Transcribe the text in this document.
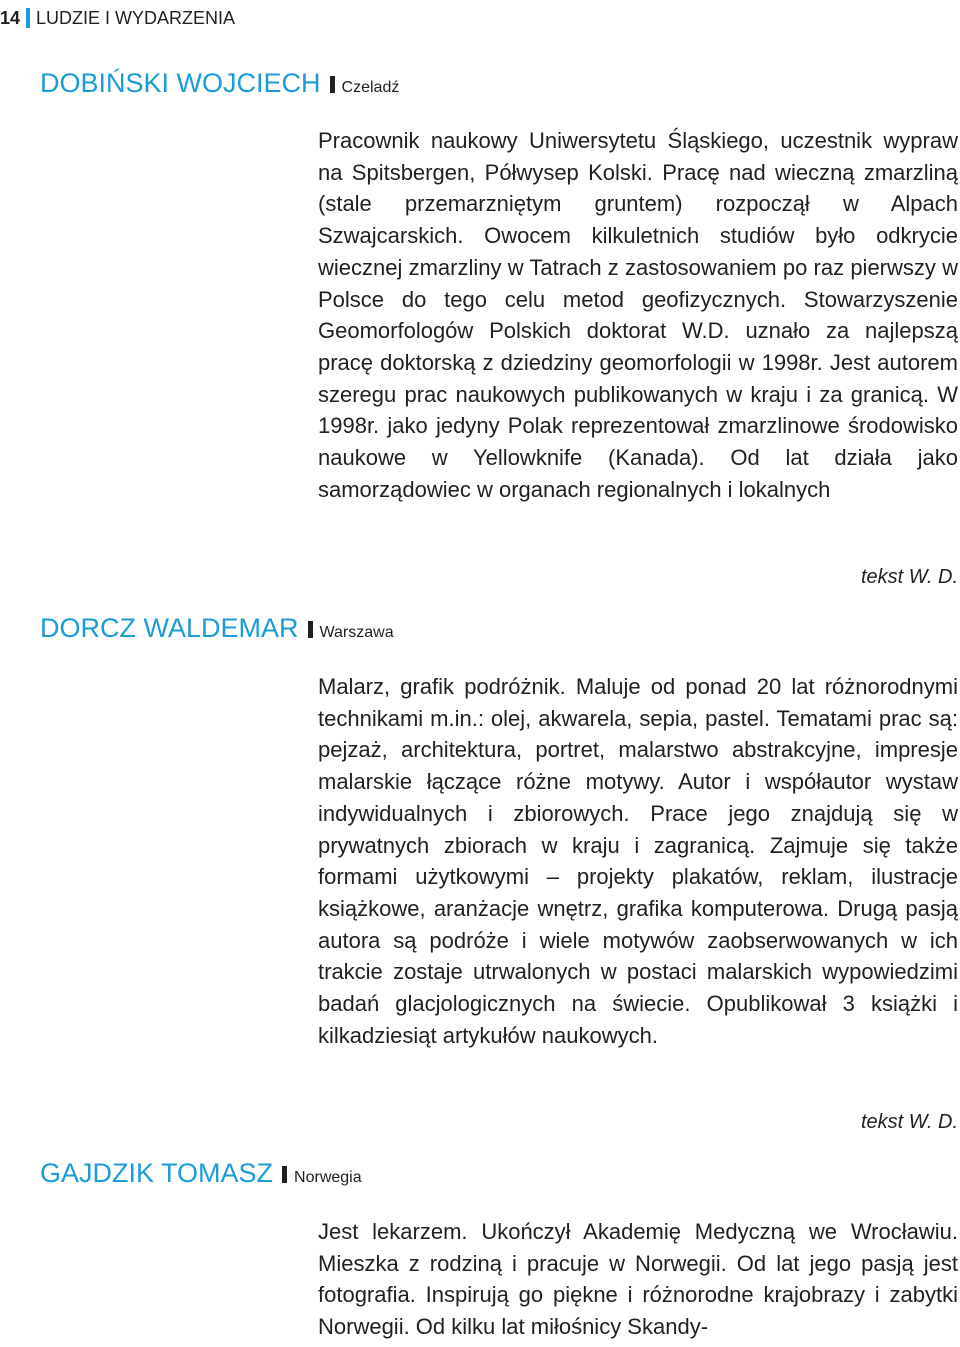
14 LUDZIE I WYDARZENIA
DOBIŃSKI WOJCIECH Czeladź

Pracownik naukowy Uniwersytetu Śląskiego, uczestnik wypraw na Spitsbergen, Półwysep Kolski. Pracę nad wieczną zmarzliną (stale przemarzniętym gruntem) rozpoczął w Alpach Szwajcarskich. Owocem kilkuletnich studiów było odkrycie wiecznej zmarzliny w Tatrach z zastosowaniem po raz pierwszy w Polsce do tego celu metod geofizycznych. Stowarzyszenie Geomorfologów Polskich doktorat W.D. uznało za najlepszą pracę doktorską z dziedziny geomorfologii w 1998r. Jest autorem szeregu prac naukowych publikowanych w kraju i za granicą. W 1998r. jako jedyny Polak reprezentował zmarzlinowe środowisko naukowe w Yellowknife (Kanada). Od lat działa jako samorządowiec w organach regionalnych i lokalnych

tekst W. D.

DORCZ WALDEMAR Warszawa

Malarz, grafik podróżnik. Maluje od ponad 20 lat różnorodnymi technikami m.in.: olej, akwarela, sepia, pastel. Tematami prac są: pejzaż, architektura, portret, malarstwo abstrakcyjne, impresje malarskie łączące różne motywy. Autor i współautor wystaw indywidualnych i zbiorowych. Prace jego znajdują się w prywatnych zbiorach w kraju i zagranicą. Zajmuje się także formami użytkowymi – projekty plakatów, reklam, ilustracje książkowe, aranżacje wnętrz, grafika komputerowa. Drugą pasją autora są podróże i wiele motywów zaobserwowanych w ich trakcie zostaje utrwalonych w postaci malarskich wypowiedzimi badań glacjologicznych na świecie. Opublikował 3 książki i kilkadziesiąt artykułów naukowych.

tekst W. D.

GAJDZIK TOMASZ Norwegia

Jest lekarzem. Ukończył Akademię Medyczną we Wrocławiu. Mieszka z rodziną i pracuje w Norwegii. Od lat jego pasją jest fotografia. Inspirują go piękne i różnorodne krajobrazy i zabytki Norwegii. Od kilku lat miłośnicy Skandy-
